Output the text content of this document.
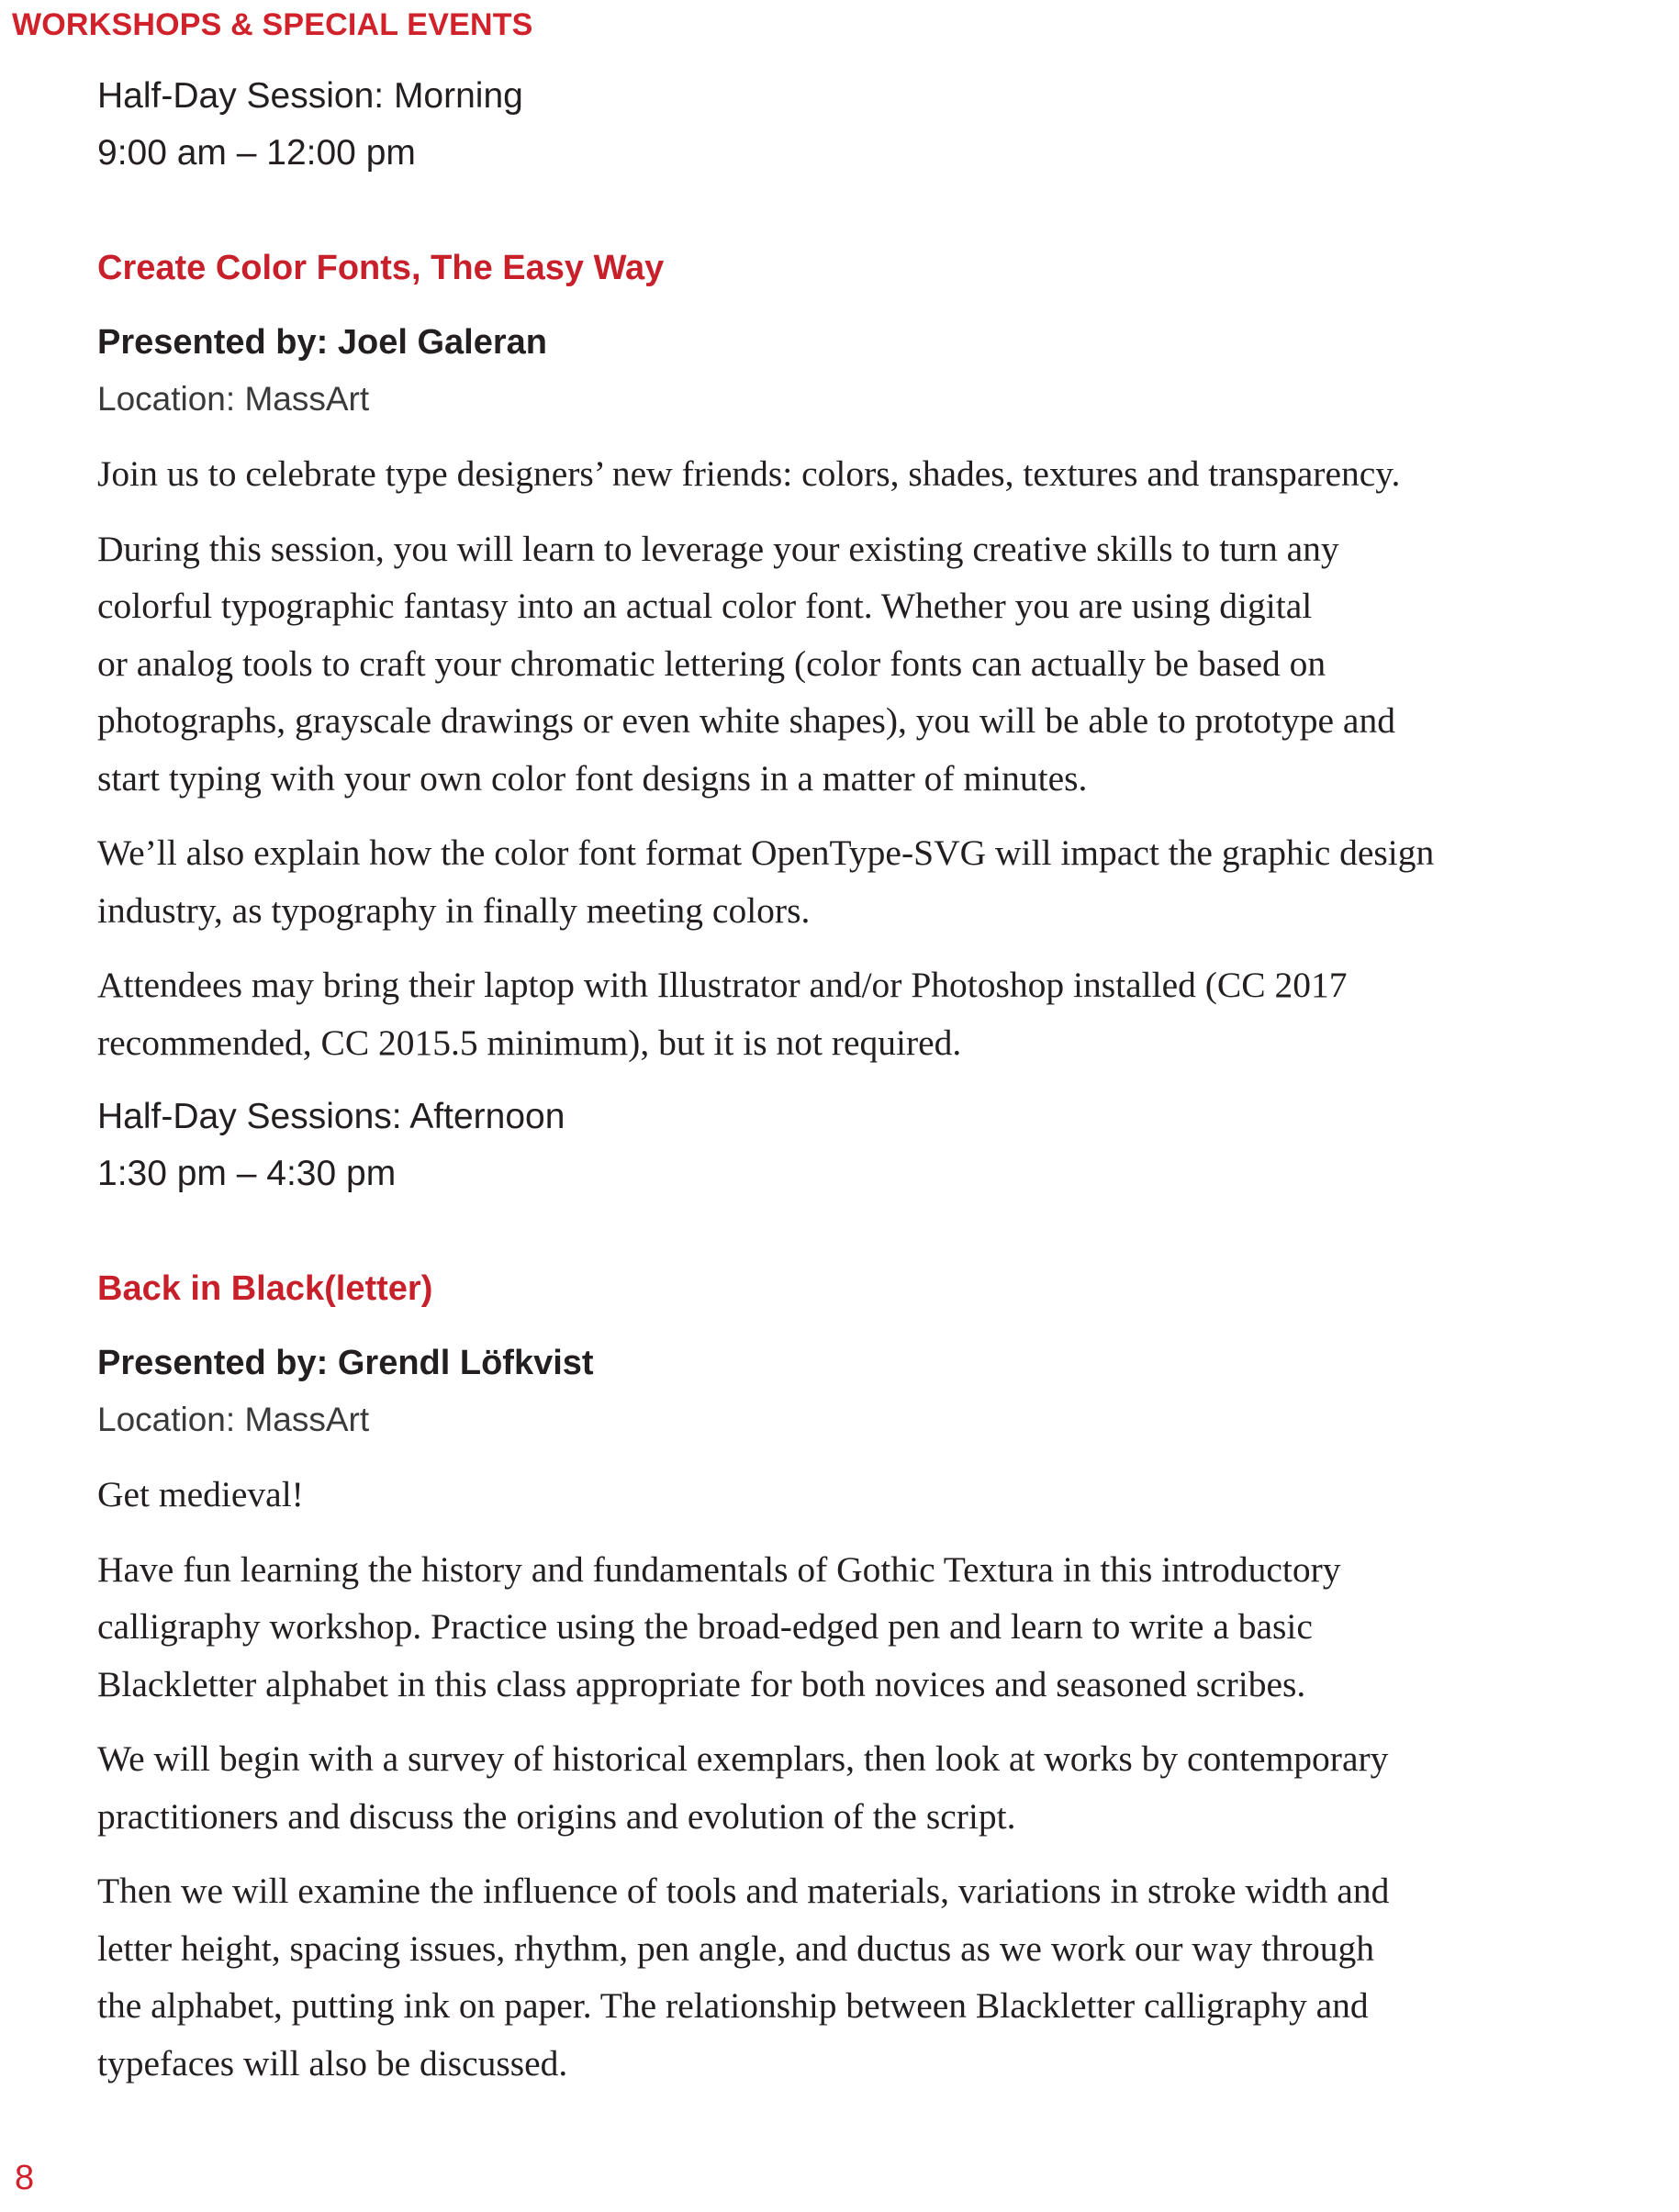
WORKSHOPS & SPECIAL EVENTS
Half-Day Session: Morning
9:00 am – 12:00 pm
Create Color Fonts, The Easy Way
Presented by: Joel Galeran
Location: MassArt

Join us to celebrate type designers’ new friends: colors, shades, textures and transparency.

During this session, you will learn to leverage your existing creative skills to turn any
colorful typographic fantasy into an actual color font. Whether you are using digital
or analog tools to craft your chromatic lettering (color fonts can actually be based on
photographs, grayscale drawings or even white shapes), you will be able to prototype and
start typing with your own color font designs in a matter of minutes.

We’ll also explain how the color font format OpenType-SVG will impact the graphic design
industry, as typography in finally meeting colors.

Attendees may bring their laptop with Illustrator and/or Photoshop installed (CC 2017
recommended, CC 2015.5 minimum), but it is not required.

Half-Day Sessions: Afternoon
1:30 pm – 4:30 pm
Back in Black(letter)
Presented by: Grendl Löfkvist
Location: MassArt

Get medieval!

Have fun learning the history and fundamentals of Gothic Textura in this introductory
calligraphy workshop. Practice using the broad-edged pen and learn to write a basic
Blackletter alphabet in this class appropriate for both novices and seasoned scribes.

We will begin with a survey of historical exemplars, then look at works by contemporary
practitioners and discuss the origins and evolution of the script.

Then we will examine the influence of tools and materials, variations in stroke width and
letter height, spacing issues, rhythm, pen angle, and ductus as we work our way through
the alphabet, putting ink on paper. The relationship between Blackletter calligraphy and
typefaces will also be discussed.

8
